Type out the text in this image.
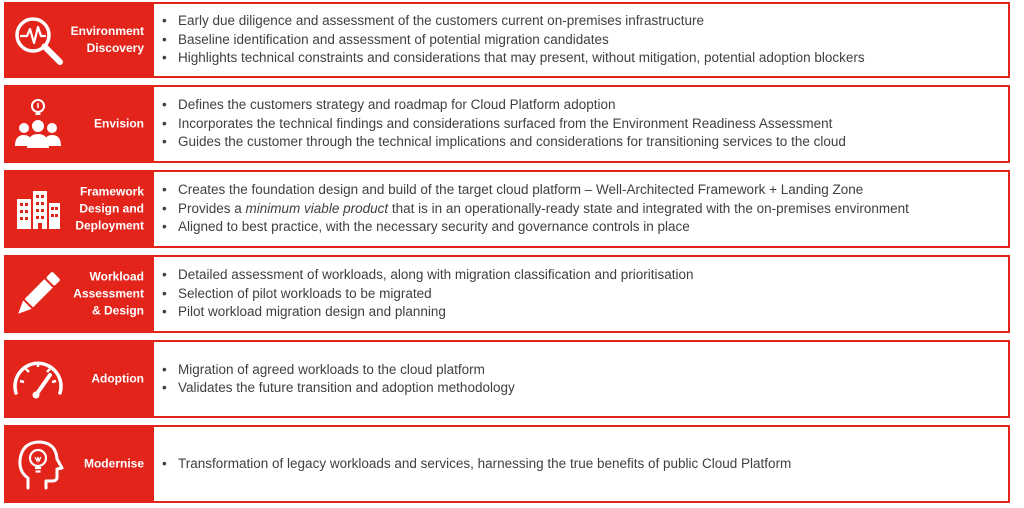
Environment
Discovery
• Early due diligence and assessment of the customers current on-premises infrastructure
• Baseline identification and assessment of potential migration candidates
• Highlights technical constraints and considerations that may present, without mitigation, potential adoption blockers
Envision
• Defines the customers strategy and roadmap for Cloud Platform adoption
• Incorporates the technical findings and considerations surfaced from the Environment Readiness Assessment
• Guides the customer through the technical implications and considerations for transitioning services to the cloud
Framework
Design and
Deployment
• Creates the foundation design and build of the target cloud platform – Well-Architected Framework + Landing Zone
• Provides a minimum viable product that is in an operationally-ready state and integrated with the on-premises environment
• Aligned to best practice, with the necessary security and governance controls in place
Workload
Assessment
& Design
• Detailed assessment of workloads, along with migration classification and prioritisation
• Selection of pilot workloads to be migrated
• Pilot workload migration design and planning
Adoption
• Migration of agreed workloads to the cloud platform
• Validates the future transition and adoption methodology
Modernise
•	Transformation of legacy workloads and services, harnessing the true benefits of public Cloud Platform
